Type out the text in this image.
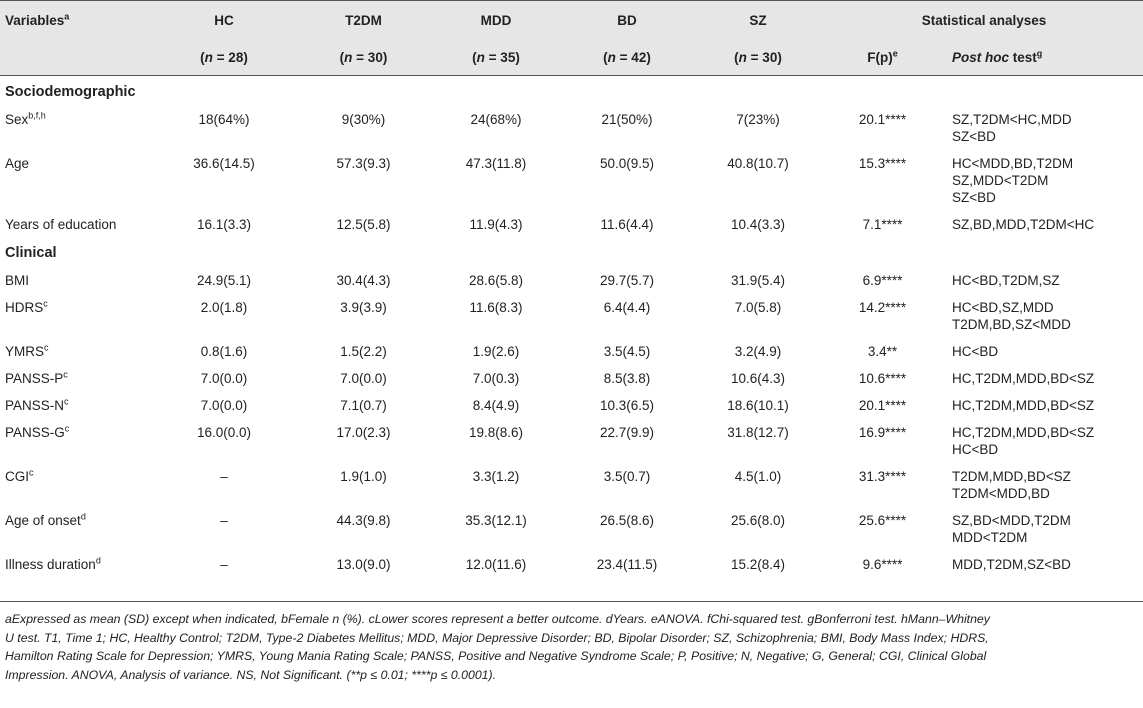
Variables$^a$	HC	T2DM	MDD	BD	SZ	Statistical analyses	
	(n = 28)	(n = 30)	(n = 35)	(n = 42)	(n = 30)	$F(p)^e$	Post hoc test$^g$
Sociodemographic							
Sex$^{b,f,h}$	18(64%)	9(30%)	24(68%)	21(50%)	7(23%)	20.1****	SZ,T2DM<HC,MDD
SZ<BD

Age	36.6(14.5)	57.3(9.3)	47.3(11.8)	50.0(9.5)	40.8(10.7)	15.3****	HC<MDD,BD,T2DM
SZ,MDD<T2DM
SZ<BD

Years of education	16.1(3.3)	12.5(5.8)	11.9(4.3)	11.6(4.4)	10.4(3.3)	7.1****	SZ,BD,MDD,T2DM<HC

Clinical							
BMI	24.9(5.1)	30.4(4.3)	28.6(5.8)	29.7(5.7)	31.9(5.4)	6.9****	HC<BD,T2DM,SZ

HDRS$^c$	2.0(1.8)	3.9(3.9)	11.6(8.3)	6.4(4.4)	7.0(5.8)	14.2****	HC<BD,SZ,MDD
T2DM,BD,SZ<MDD

YMRS$^c$	0.8(1.6)	1.5(2.2)	1.9(2.6)	3.5(4.5)	3.2(4.9)	3.4**	HC<BD

PANSS-$P^c$	7.0(0.0)	7.0(0.0)	7.0(0.3)	8.5(3.8)	10.6(4.3)	10.6****	HC,T2DM,MDD,BD<SZ

PANSS-$N^c$	7.0(0.0)	7.1(0.7)	8.4(4.9)	10.3(6.5)	18.6(10.1)	20.1****	HC,T2DM,MDD,BD<SZ

PANSS-$G^c$	16.0(0.0)	17.0(2.3)	19.8(8.6)	22.7(9.9)	31.8(12.7)	16.9****	HC,T2DM,MDD,BD<SZ
HC<BD

CGI$^c$	–	1.9(1.0)	3.3(1.2)	3.5(0.7)	4.5(1.0)	31.3****	T2DM,MDD,BD<SZ
T2DM<MDD,BD

Age of onset$^d$	–	44.3(9.8)	35.3(12.1)	26.5(8.6)	25.6(8.0)	25.6****	SZ,BD<MDD,T2DM
MDD<T2DM

Illness duration$^d$	–	13.0(9.0)	12.0(11.6)	23.4(11.5)	15.2(8.4)	9.6****	MDD,T2DM,SZ<BD
aExpressed as mean (SD) except when indicated, bFemale n (%). cLower scores represent a better outcome. dYears. eANOVA. fChi-squared test. gBonferroni test. hMann–Whitney
U test. T1, Time 1; HC, Healthy Control; T2DM, Type-2 Diabetes Mellitus; MDD, Major Depressive Disorder; BD, Bipolar Disorder; SZ, Schizophrenia; BMI, Body Mass Index; HDRS,
Hamilton Rating Scale for Depression; YMRS, Young Mania Rating Scale; PANSS, Positive and Negative Syndrome Scale; P, Positive; N, Negative; G, General; CGI, Clinical Global
Impression. ANOVA, Analysis of variance. NS, Not Significant. (**p ≤ 0.01; ****p ≤ 0.0001).
